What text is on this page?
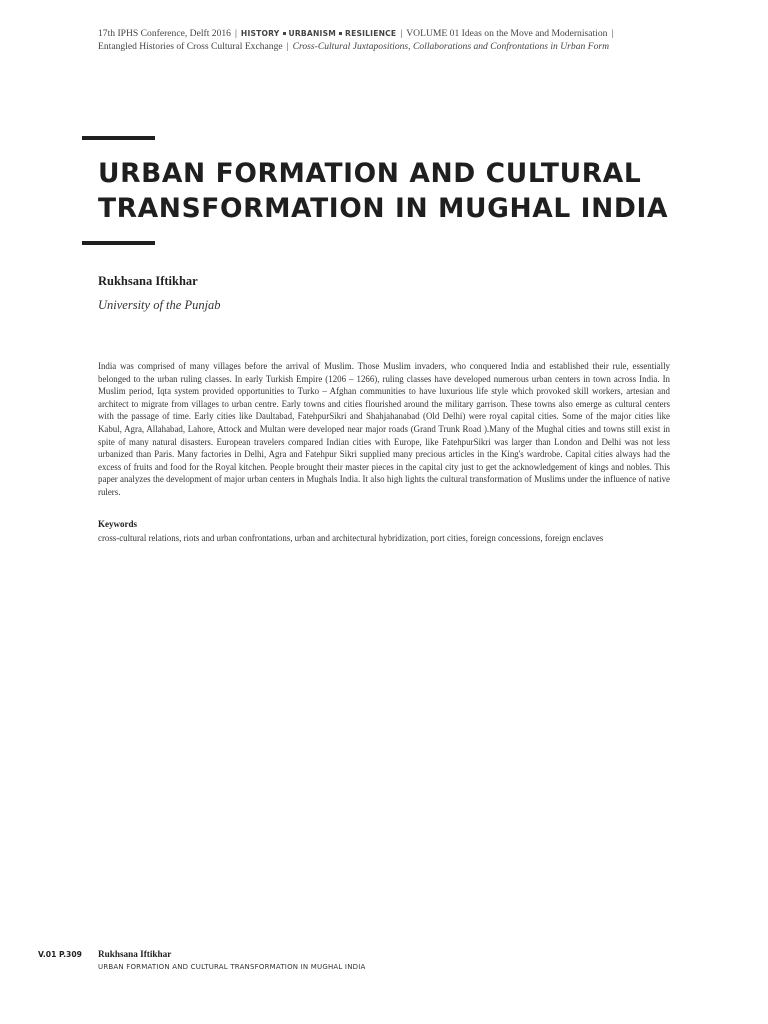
17th IPHS Conference, Delft 2016 | HISTORY URBANISM RESILIENCE | VOLUME 01 Ideas on the Move and Modernisation |
Entangled Histories of Cross Cultural Exchange | Cross-Cultural Juxtapositions, Collaborations and Confrontations in Urban Form
URBAN FORMATION AND CULTURAL TRANSFORMATION IN MUGHAL INDIA
Rukhsana Iftikhar
University of the Punjab

India was comprised of many villages before the arrival of Muslim. Those Muslim invaders, who conquered India and established their rule, essentially belonged to the urban ruling classes. In early Turkish Empire (1206 – 1266), ruling classes have developed numerous urban centers in town across India. In Muslim period, Iqta system provided opportunities to Turko – Afghan communities to have luxurious life style which provoked skill workers, artesian and architect to migrate from villages to urban centre. Early towns and cities flourished around the military garrison. These towns also emerge as cultural centers with the passage of time. Early cities like Daultabad, FatehpurSikri and Shahjahanabad (Old Delhi) were royal capital cities. Some of the major cities like Kabul, Agra, Allahabad, Lahore, Attock and Multan were developed near major roads (Grand Trunk Road ).Many of the Mughal cities and towns still exist in spite of many natural disasters. European travelers compared Indian cities with Europe, like FatehpurSikri was larger than London and Delhi was not less urbanized than Paris. Many factories in Delhi, Agra and Fatehpur Sikri supplied many precious articles in the King's wardrobe. Capital cities always had the excess of fruits and food for the Royal kitchen. People brought their master pieces in the capital city just to get the acknowledgement of kings and nobles. This paper analyzes the development of major urban centers in Mughals India. It also high lights the cultural transformation of Muslims under the influence of native rulers.

Keywords
cross-cultural relations, riots and urban confrontations, urban and architectural hybridization, port cities, foreign concessions, foreign enclaves
V.01 P.309 Rukhsana Iftikhar
URBAN FORMATION AND CULTURAL TRANSFORMATION IN MUGHAL INDIA
